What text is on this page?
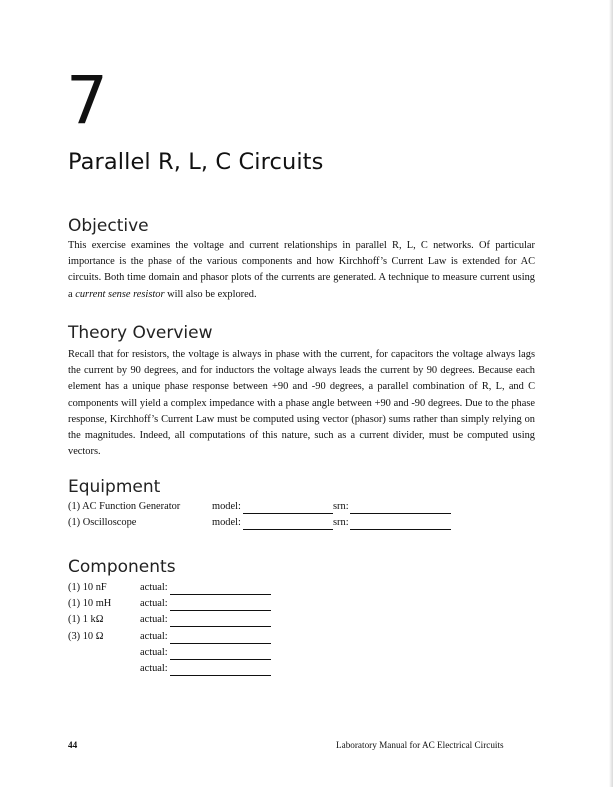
7
Parallel R, L, C Circuits
Objective
This exercise examines the voltage and current relationships in parallel R, L, C networks. Of particular importance is the phase of the various components and how Kirchhoff’s Current Law is extended for AC circuits. Both time domain and phasor plots of the currents are generated. A technique to measure current using a current sense resistor will also be explored.
Theory Overview
Recall that for resistors, the voltage is always in phase with the current, for capacitors the voltage always lags the current by 90 degrees, and for inductors the voltage always leads the current by 90 degrees. Because each element has a unique phase response between +90 and -90 degrees, a parallel combination of R, L, and C components will yield a complex impedance with a phase angle between +90 and -90 degrees. Due to the phase response, Kirchhoff’s Current Law must be computed using vector (phasor) sums rather than simply relying on the magnitudes. Indeed, all computations of this nature, such as a current divider, must be computed using vectors.
Equipment
(1) AC Function Generator	model:	srn:
(1) Oscilloscope	model:	srn:
Components
(1) 10 nF	actual:
(1) 10 mH	actual:
(1) 1 kΩ	actual:
(3) 10 Ω	actual:
actual:
actual:
44	Laboratory Manual for AC Electrical Circuits
